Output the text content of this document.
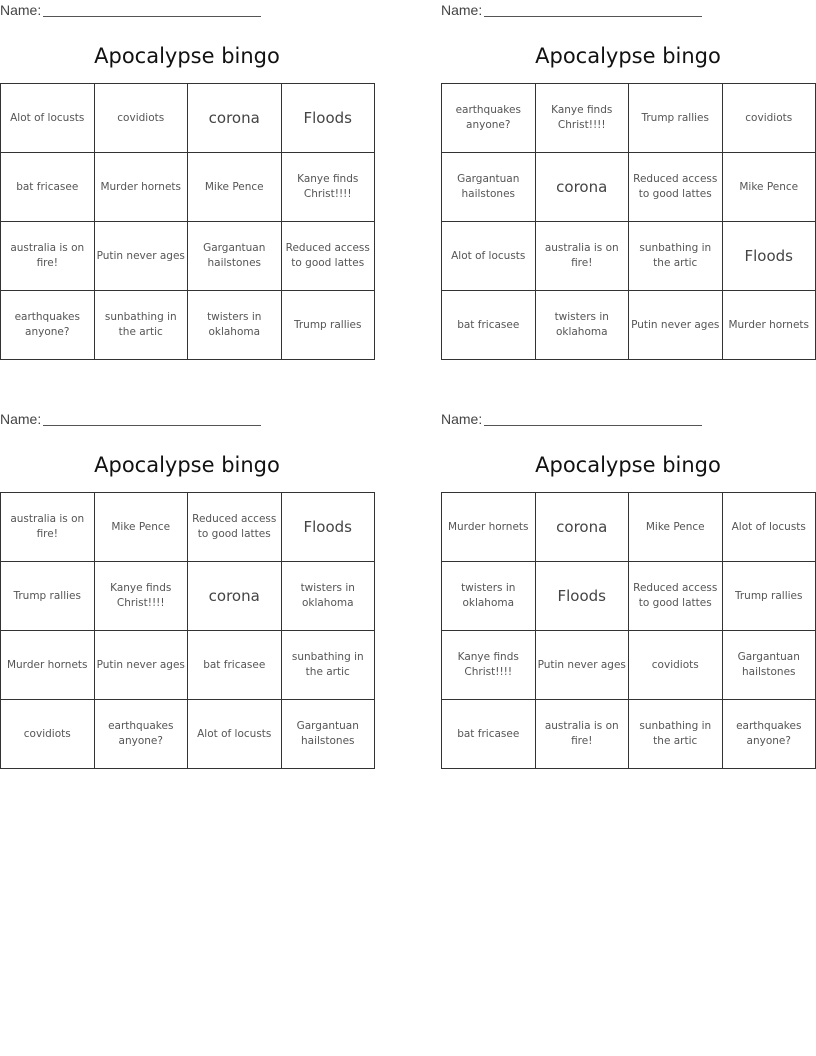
Name:
Apocalypse bingo
Alot of locusts	covidiots	corona	Floods
bat fricasee	Murder hornets	Mike Pence	Kanye finds Christ!!!!
australia is on fire!	Putin never ages	Gargantuan hailstones	Reduced access to good lattes
earthquakes anyone?	sunbathing in the artic	twisters in oklahoma	Trump rallies
Name:
Apocalypse bingo
earthquakes anyone?	Kanye finds Christ!!!!	Trump rallies	covidiots
Gargantuan hailstones	corona	Reduced access to good lattes	Mike Pence
Alot of locusts	australia is on fire!	sunbathing in the artic	Floods
bat fricasee	twisters in oklahoma	Putin never ages	Murder hornets
Name:
Apocalypse bingo
australia is on fire!	Mike Pence	Reduced access to good lattes	Floods
Trump rallies	Kanye finds Christ!!!!	corona	twisters in oklahoma
Murder hornets	Putin never ages	bat fricasee	sunbathing in the artic
covidiots	earthquakes anyone?	Alot of locusts	Gargantuan hailstones
Name:
Apocalypse bingo
Murder hornets	corona	Mike Pence	Alot of locusts
twisters in oklahoma	Floods	Reduced access to good lattes	Trump rallies
Kanye finds Christ!!!!	Putin never ages	covidiots	Gargantuan hailstones
bat fricasee	australia is on fire!	sunbathing in the artic	earthquakes anyone?
